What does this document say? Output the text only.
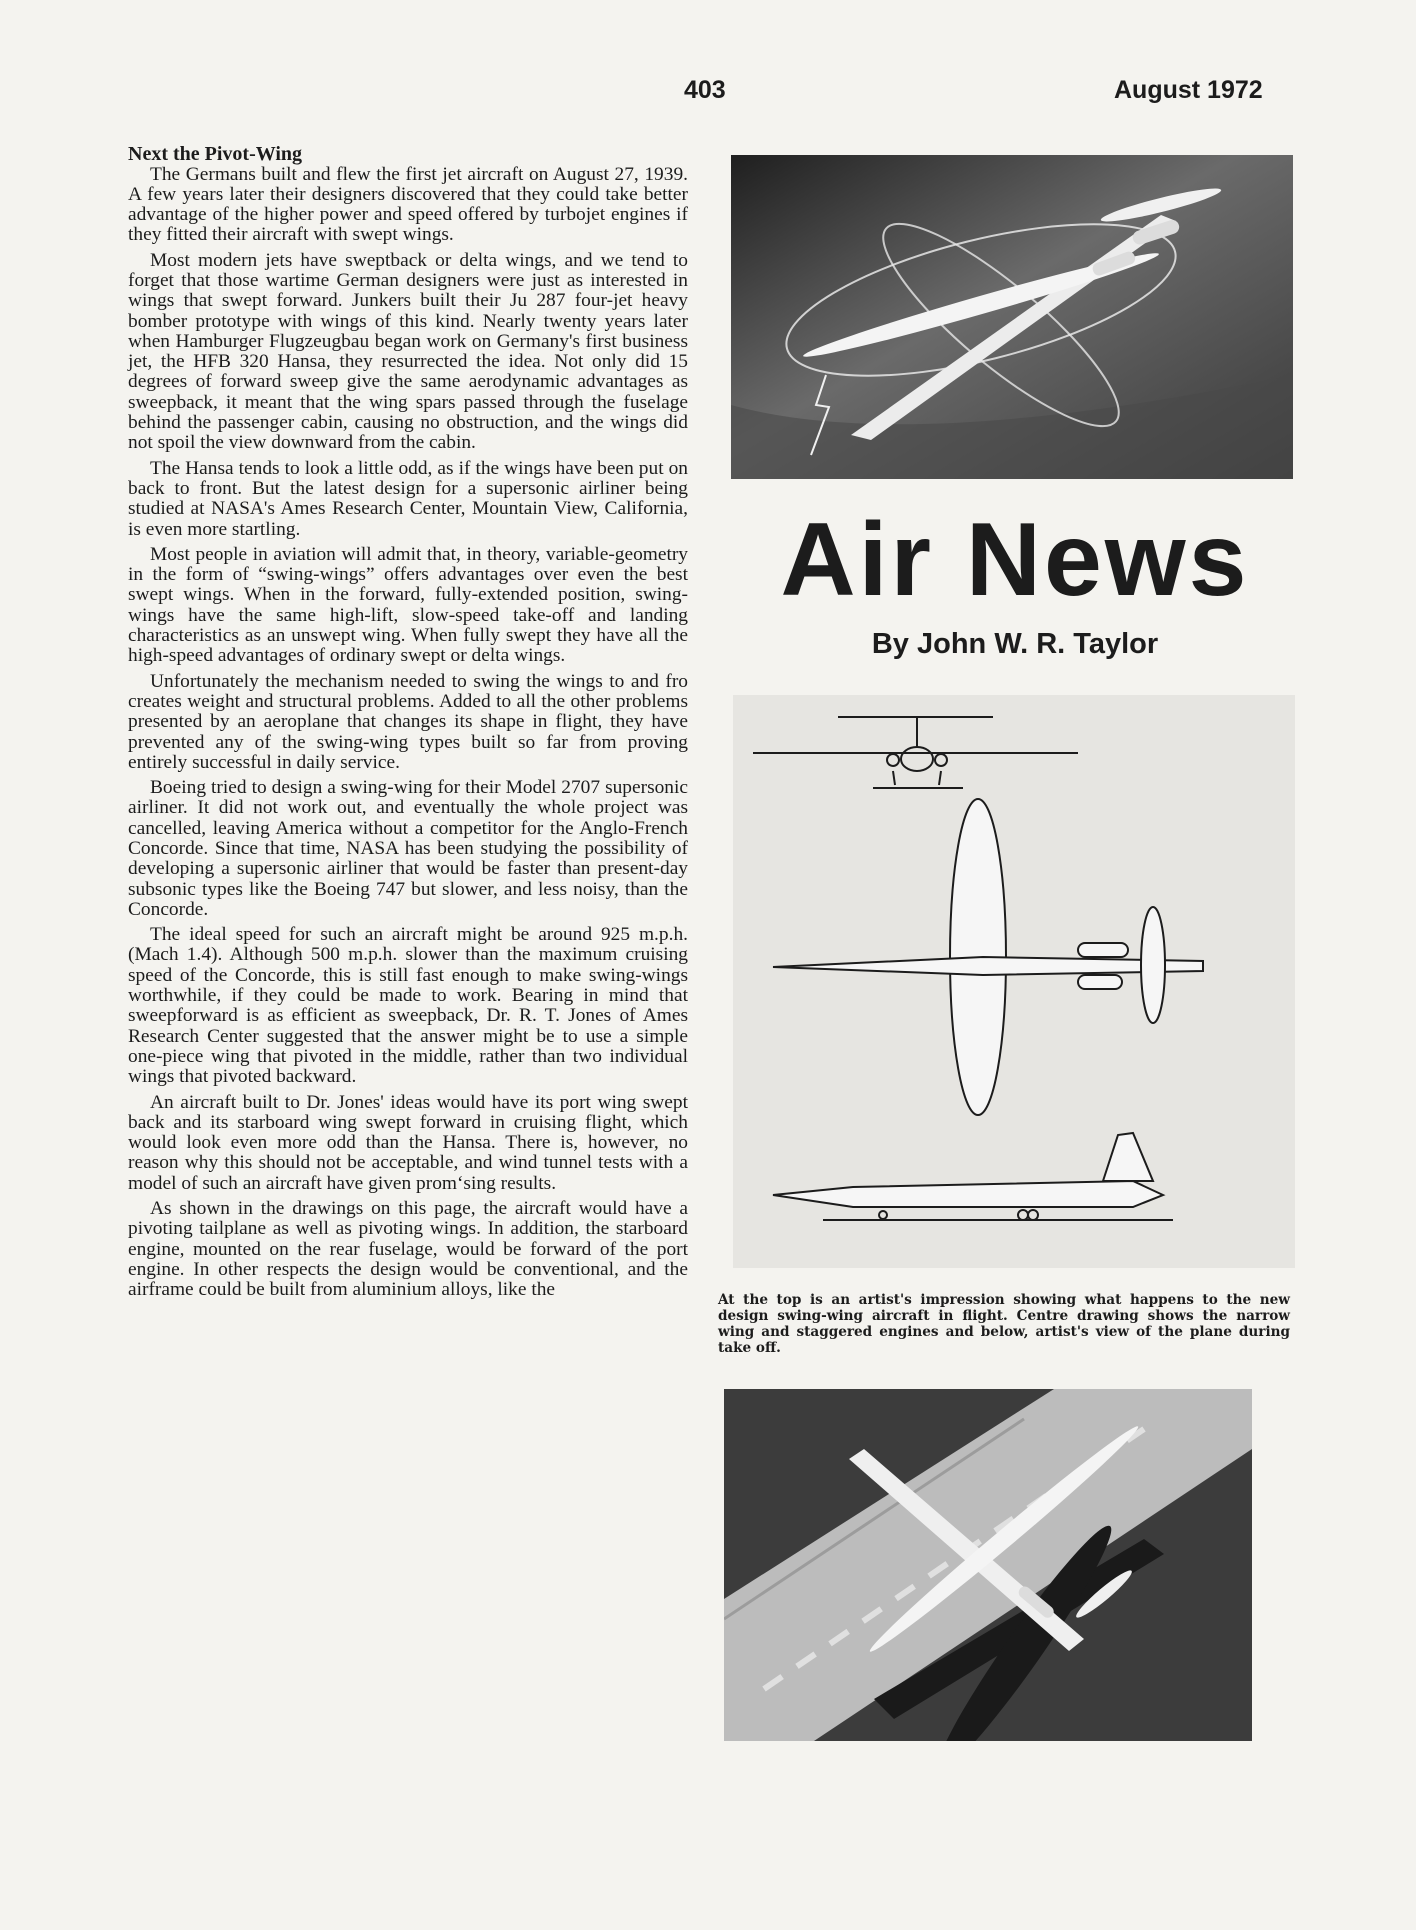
403	August 1972
Next the Pivot-Wing

The Germans built and flew the first jet aircraft on August 27, 1939. A few years later their designers discovered that they could take better advantage of the higher power and speed offered by turbojet engines if they fitted their aircraft with swept wings.

Most modern jets have sweptback or delta wings, and we tend to forget that those wartime German designers were just as interested in wings that swept forward. Junkers built their Ju 287 four-jet heavy bomber prototype with wings of this kind. Nearly twenty years later when Hamburger Flugzeugbau began work on Germany's first business jet, the HFB 320 Hansa, they resurrected the idea. Not only did 15 degrees of forward sweep give the same aerodynamic advantages as sweepback, it meant that the wing spars passed through the fuselage behind the passenger cabin, causing no obstruction, and the wings did not spoil the view downward from the cabin.

The Hansa tends to look a little odd, as if the wings have been put on back to front. But the latest design for a supersonic airliner being studied at NASA's Ames Research Center, Mountain View, California, is even more startling.

Most people in aviation will admit that, in theory, variable-geometry in the form of “swing-wings” offers advantages over even the best swept wings. When in the forward, fully-extended position, swing-wings have the same high-lift, slow-speed take-off and landing characteristics as an unswept wing. When fully swept they have all the high-speed advantages of ordinary swept or delta wings.

Unfortunately the mechanism needed to swing the wings to and fro creates weight and structural problems. Added to all the other problems presented by an aeroplane that changes its shape in flight, they have prevented any of the swing-wing types built so far from proving entirely successful in daily service.

Boeing tried to design a swing-wing for their Model 2707 supersonic airliner. It did not work out, and eventually the whole project was cancelled, leaving America without a competitor for the Anglo-French Concorde. Since that time, NASA has been studying the possibility of developing a supersonic airliner that would be faster than present-day subsonic types like the Boeing 747 but slower, and less noisy, than the Concorde.

The ideal speed for such an aircraft might be around 925 m.p.h. (Mach 1.4). Although 500 m.p.h. slower than the maximum cruising speed of the Concorde, this is still fast enough to make swing-wings worthwhile, if they could be made to work. Bearing in mind that sweepforward is as efficient as sweepback, Dr. R. T. Jones of Ames Research Center suggested that the answer might be to use a simple one-piece wing that pivoted in the middle, rather than two individual wings that pivoted backward.

An aircraft built to Dr. Jones' ideas would have its port wing swept back and its starboard wing swept forward in cruising flight, which would look even more odd than the Hansa. There is, however, no reason why this should not be acceptable, and wind tunnel tests with a model of such an aircraft have given promʻsing results.

As shown in the drawings on this page, the aircraft would have a pivoting tailplane as well as pivoting wings. In addition, the starboard engine, mounted on the rear fuselage, would be forward of the port engine. In other respects the design would be conventional, and the airframe could be built from aluminium alloys, like the

Air News
By John W. R. Taylor
At the top is an artist's impression showing what happens to the new design swing-wing aircraft in flight. Centre drawing shows the narrow wing and staggered engines and below, artist's view of the plane during take off.
